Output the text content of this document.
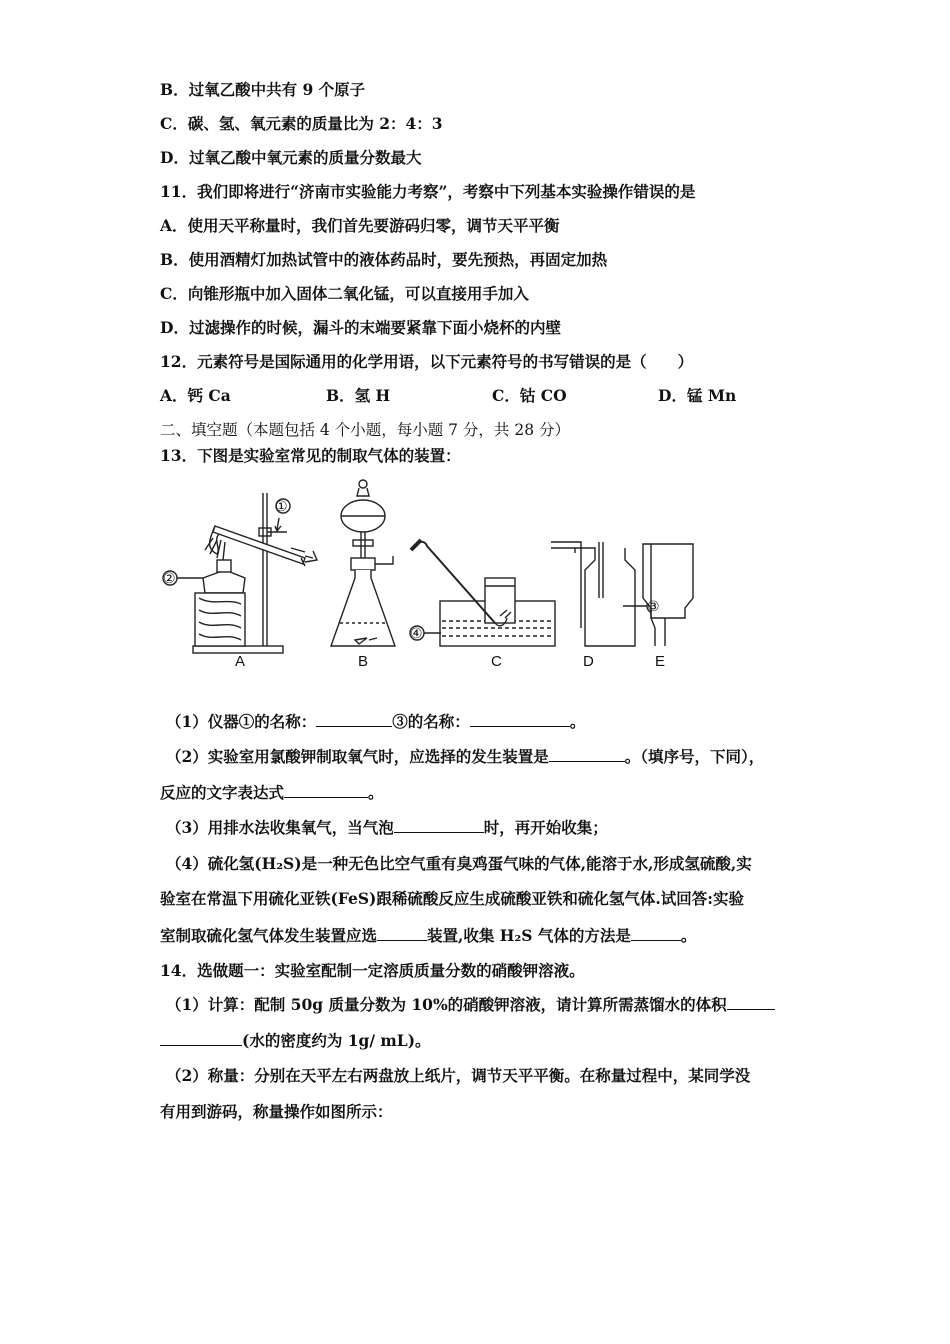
B．过氧乙酸中共有 9 个原子
C．碳、氢、氧元素的质量比为 2：4：3
D．过氧乙酸中氧元素的质量分数最大
11．我们即将进行“济南市实验能力考察”，考察中下列基本实验操作错误的是
A．使用天平称量时，我们首先要游码归零，调节天平平衡
B．使用酒精灯加热试管中的液体药品时，要先预热，再固定加热
C．向锥形瓶中加入固体二氧化锰，可以直接用手加入
D．过滤操作的时候，漏斗的末端要紧靠下面小烧杯的内壁
12．元素符号是国际通用的化学用语，以下元素符号的书写错误的是（　　）
A．钙 Ca	B．氢 H	C．钴 CO	D．锰 Mn
二、填空题（本题包括 4 个小题，每小题 7 分，共 28 分）
13．下图是实验室常见的制取气体的装置：
A	B	C	D	E
①
②
③
④
（1）仪器①的名称：	③的名称：	。
（2）实验室用氯酸钾制取氧气时，应选择的发生装置是	。（填序号，下同），
反应的文字表达式	。
（3）用排水法收集氧气，当气泡	时，再开始收集；
（4）硫化氢(H₂S)是一种无色比空气重有臭鸡蛋气味的气体,能溶于水,形成氢硫酸,实
验室在常温下用硫化亚铁(FeS)跟稀硫酸反应生成硫酸亚铁和硫化氢气体.试回答:实验
室制取硫化氢气体发生装置应选	装置,收集 H₂S 气体的方法是	。
14．选做题一：实验室配制一定溶质质量分数的硝酸钾溶液。
（1）计算：配制 50g 质量分数为 10%的硝酸钾溶液，请计算所需蒸馏水的体积
(水的密度约为 1g/ mL)。
（2）称量：分别在天平左右两盘放上纸片，调节天平平衡。在称量过程中，某同学没
有用到游码，称量操作如图所示：
